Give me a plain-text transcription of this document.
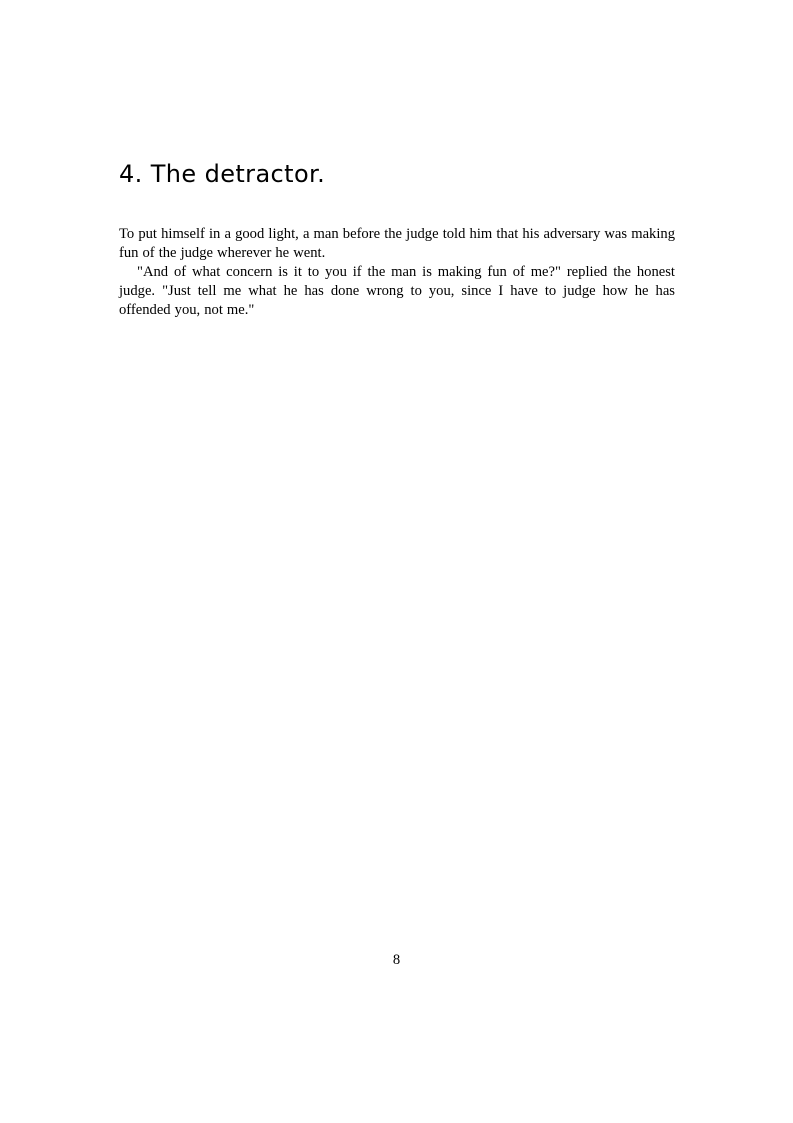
4. The detractor.

To put himself in a good light, a man before the judge told him that his adversary was making fun of the judge wherever he went.

"And of what concern is it to you if the man is making fun of me?" replied the honest judge. "Just tell me what he has done wrong to you, since I have to judge how he has offended you, not me."

8
